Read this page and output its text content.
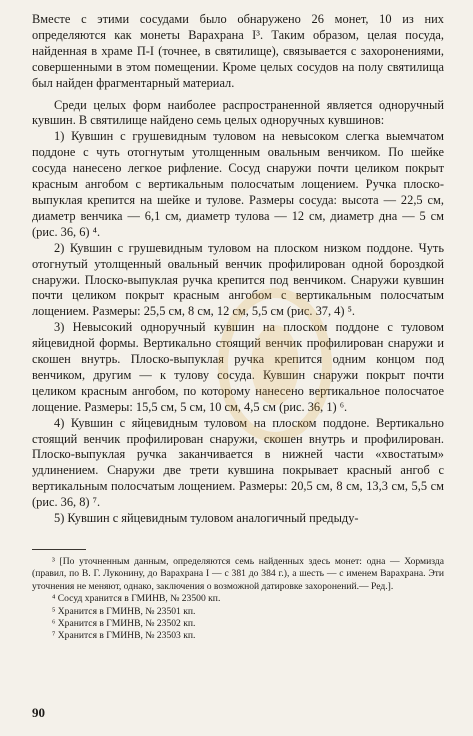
Вместе с этими сосудами было обнаружено 26 монет, 10 из них определяются как монеты Варахрана I³. Таким образом, целая посуда, найденная в храме П-I (точнее, в святилище), связывается с захоронениями, совершенными в этом помещении. Кроме целых сосудов на полу святилища был найден фрагментарный материал.

Среди целых форм наиболее распространенной является одноручный кувшин. В святилище найдено семь целых одноручных кувшинов:

1) Кувшин с грушевидным туловом на невысоком слегка выемчатом поддоне с чуть отогнутым утолщенным овальным венчиком. По шейке сосуда нанесено легкое рифление. Сосуд снаружи почти целиком покрыт красным ангобом с вертикальным полосчатым лощением. Ручка плоско-выпуклая крепится на шейке и тулове. Размеры сосуда: высота — 22,5 см, диаметр венчика — 6,1 см, диаметр тулова — 12 см, диаметр дна — 5 см (рис. 36, 6) ⁴.

2) Кувшин с грушевидным туловом на плоском низком поддоне. Чуть отогнутый утолщенный овальный венчик профилирован одной бороздкой снаружи. Плоско-выпуклая ручка крепится под венчиком. Снаружи кувшин почти целиком покрыт красным ангобом с вертикальным полосчатым лощением. Размеры: 25,5 см, 8 см, 12 см, 5,5 см (рис. 37, 4) ⁵.

3) Невысокий одноручный кувшин на плоском поддоне с туловом яйцевидной формы. Вертикально стоящий венчик профилирован снаружи и скошен внутрь. Плоско-выпуклая ручка крепится одним концом под венчиком, другим — к тулову сосуда. Кувшин снаружи покрыт почти целиком красным ангобом, по которому нанесено вертикальное полосчатое лощение. Размеры: 15,5 см, 5 см, 10 см, 4,5 см (рис. 36, 1) ⁶.

4) Кувшин с яйцевидным туловом на плоском поддоне. Вертикально стоящий венчик профилирован снаружи, скошен внутрь и профилирован. Плоско-выпуклая ручка заканчивается в нижней части «хвостатым» удлинением. Снаружи две трети кувшина покрывает красный ангоб с вертикальным полосчатым лощением. Размеры: 20,5 см, 8 см, 13,3 см, 5,5 см (рис. 36, 8) ⁷.

5) Кувшин с яйцевидным туловом аналогичный предыду-

³ [По уточненным данным, определяются семь найденных здесь монет: одна — Хормизда (правил, по В. Г. Луконину, до Варахрана I — с 381 до 384 г.), а шесть — с именем Варахрана. Эти уточнения не меняют, однако, заключения о возможной датировке захоронений.— Ред.].

⁴ Сосуд хранится в ГМИНВ, № 23500 кп.

⁵ Хранится в ГМИНВ, № 23501 кп.

⁶ Хранится в ГМИНВ, № 23502 кп.

⁷ Хранится в ГМИНВ, № 23503 кп.

90
